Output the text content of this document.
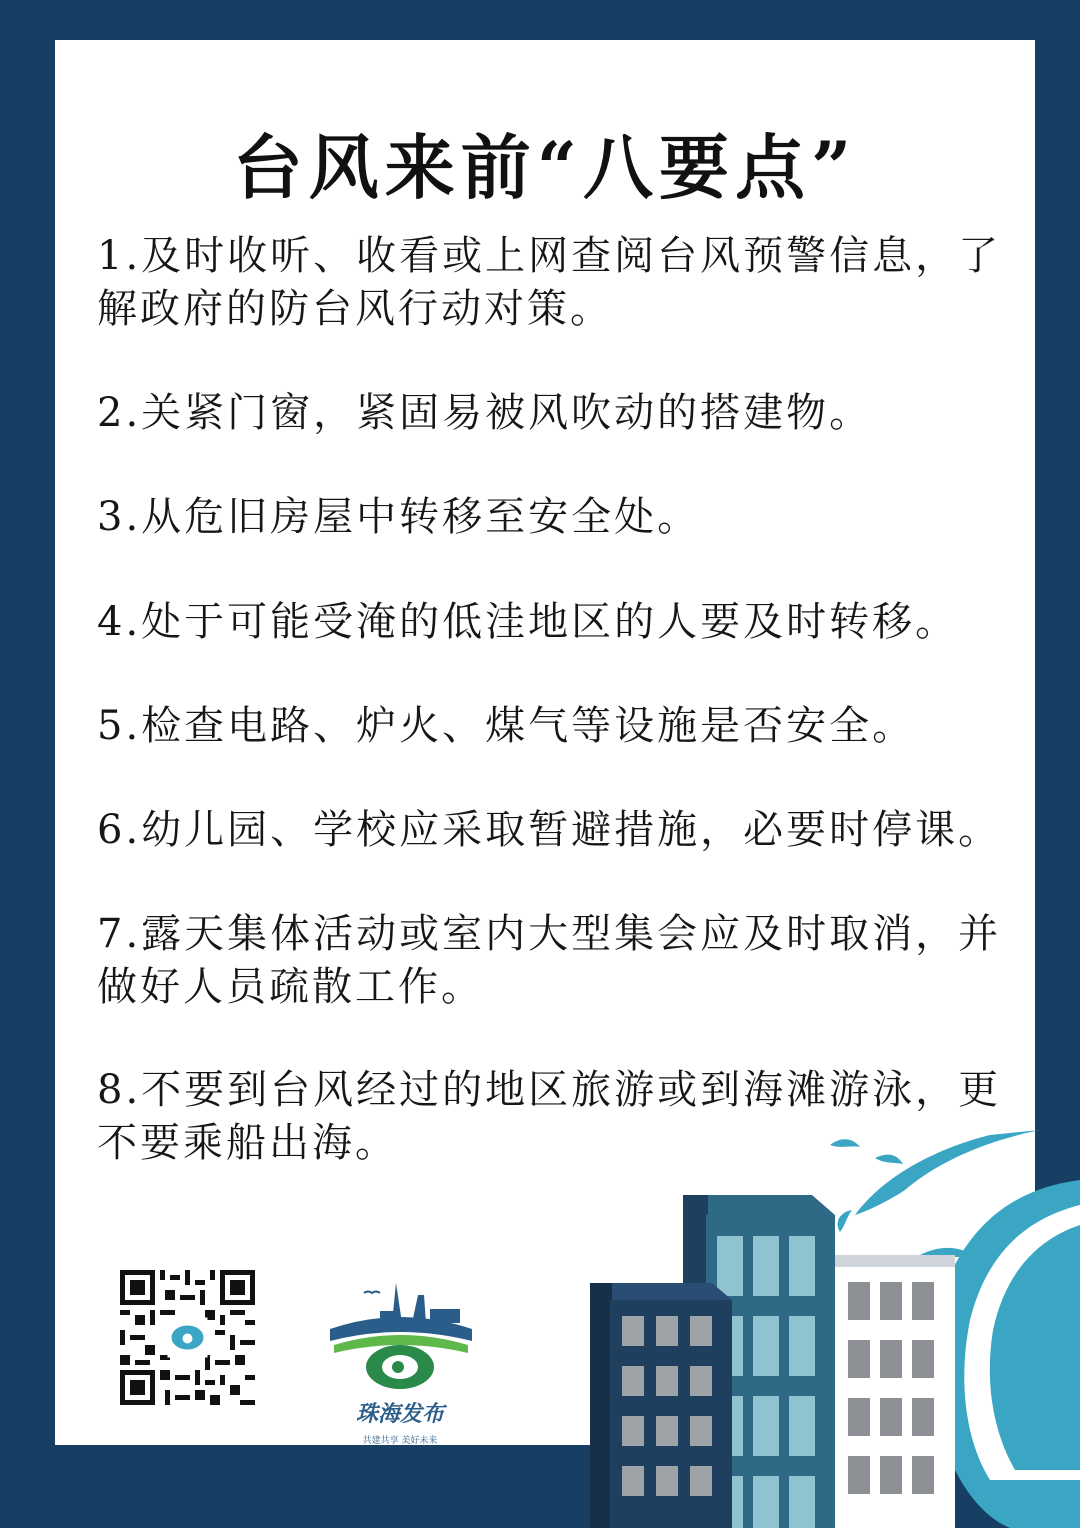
台风来前“八要点”
1.及时收听、收看或上网查阅台风预警信息，了
解政府的防台风行动对策。
2.关紧门窗，紧固易被风吹动的搭建物。
3.从危旧房屋中转移至安全处。
4.处于可能受淹的低洼地区的人要及时转移。
5.检查电路、炉火、煤气等设施是否安全。
6.幼儿园、学校应采取暂避措施，必要时停课。
7.露天集体活动或室内大型集会应及时取消，并
做好人员疏散工作。
8.不要到台风经过的地区旅游或到海滩游泳，更
不要乘船出海。
珠海发布
共建共享 美好未来
